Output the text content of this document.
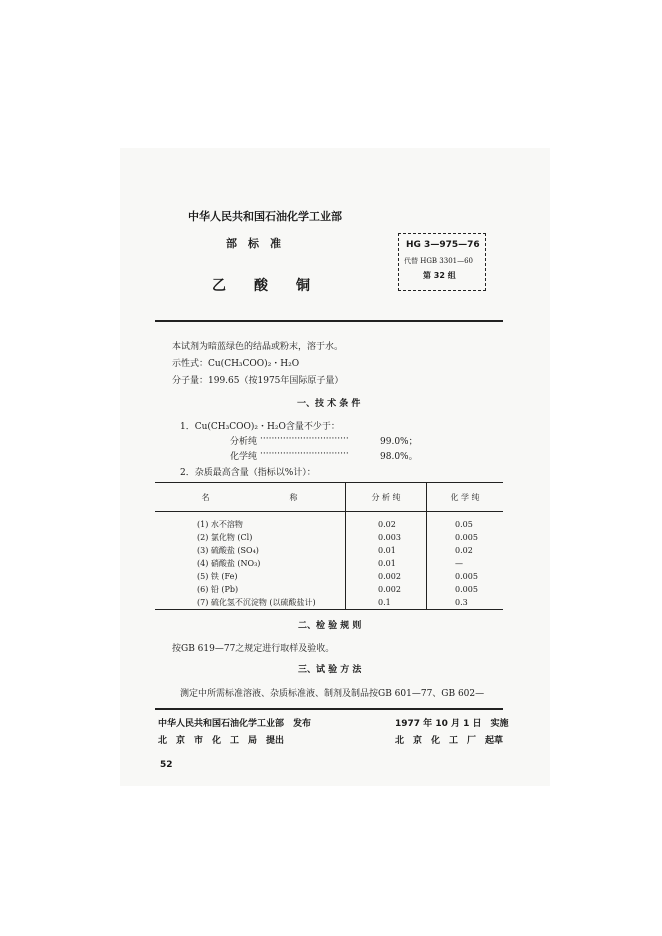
中华人民共和国石油化学工业部
部　标　准
乙　　酸　　铜
HG 3—975—76
代替 HGB 3301—60
第 32 组
本试剂为暗蓝绿色的结晶或粉末，溶于水。
示性式：Cu(CH₃COO)₂・H₂O
分子量：199.65（按1975年国际原子量）
一、技 术 条 件
1．Cu(CH₃COO)₂・H₂O含量不少于：
分析纯 ·······························	99.0%；
化学纯 ·······························	98.0%。
2．杂质最高含量（指标以%计）：
名　　　　　　　　　　称	分 析 纯	化 学 纯
(1) 水不溶物	0.02	0.05
(2) 氯化物 (Cl)	0.003	0.005
(3) 硫酸盐 (SO₄)	0.01	0.02
(4) 硝酸盐 (NO₃)	0.01	—
(5) 铁 (Fe)	0.002	0.005
(6) 铅 (Pb)	0.002	0.005
(7) 硫化氢不沉淀物 (以硫酸盐计)	0.1	0.3
二、检 验 规 则
按GB 619—77之规定进行取样及验收。
三、试 验 方 法
测定中所需标准溶液、杂质标准液、制剂及制品按GB 601—77、GB 602—
中华人民共和国石油化学工业部　发布	1977 年 10 月 1 日　实施
北　京　市　化　工　局　提出	北　京　化　工　厂　起草
52
